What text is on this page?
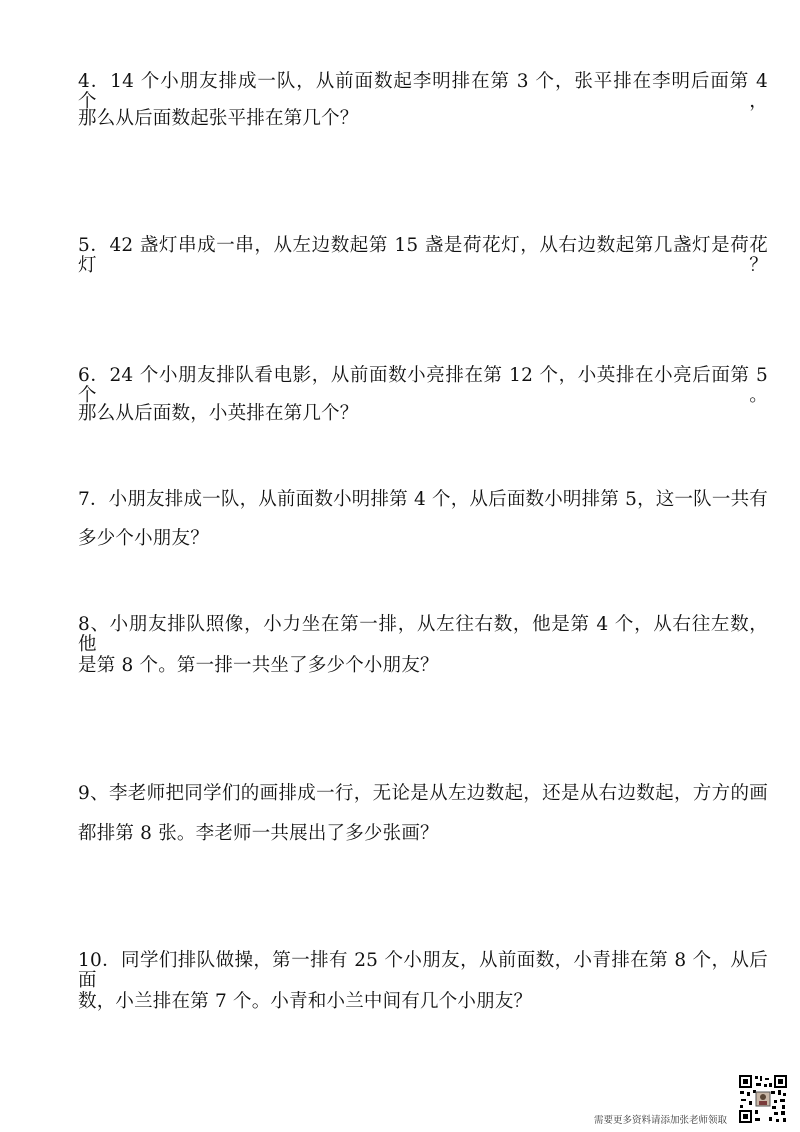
4．14 个小朋友排成一队，从前面数起李明排在第 3 个，张平排在李明后面第 4 个，
那么从后面数起张平排在第几个？
5．42 盏灯串成一串，从左边数起第 15 盏是荷花灯，从右边数起第几盏灯是荷花灯？
6．24 个小朋友排队看电影，从前面数小亮排在第 12 个，小英排在小亮后面第 5 个。
那么从后面数，小英排在第几个？
7．小朋友排成一队，从前面数小明排第 4 个，从后面数小明排第 5，这一队一共有
多少个小朋友？
8、小朋友排队照像，小力坐在第一排，从左往右数，他是第 4 个，从右往左数，他
是第 8 个。第一排一共坐了多少个小朋友？
9、李老师把同学们的画排成一行，无论是从左边数起，还是从右边数起，方方的画
都排第 8 张。李老师一共展出了多少张画？
10．同学们排队做操，第一排有 25 个小朋友，从前面数，小青排在第 8 个，从后面
数，小兰排在第 7 个。小青和小兰中间有几个小朋友？
需要更多资料请添加张老师领取
